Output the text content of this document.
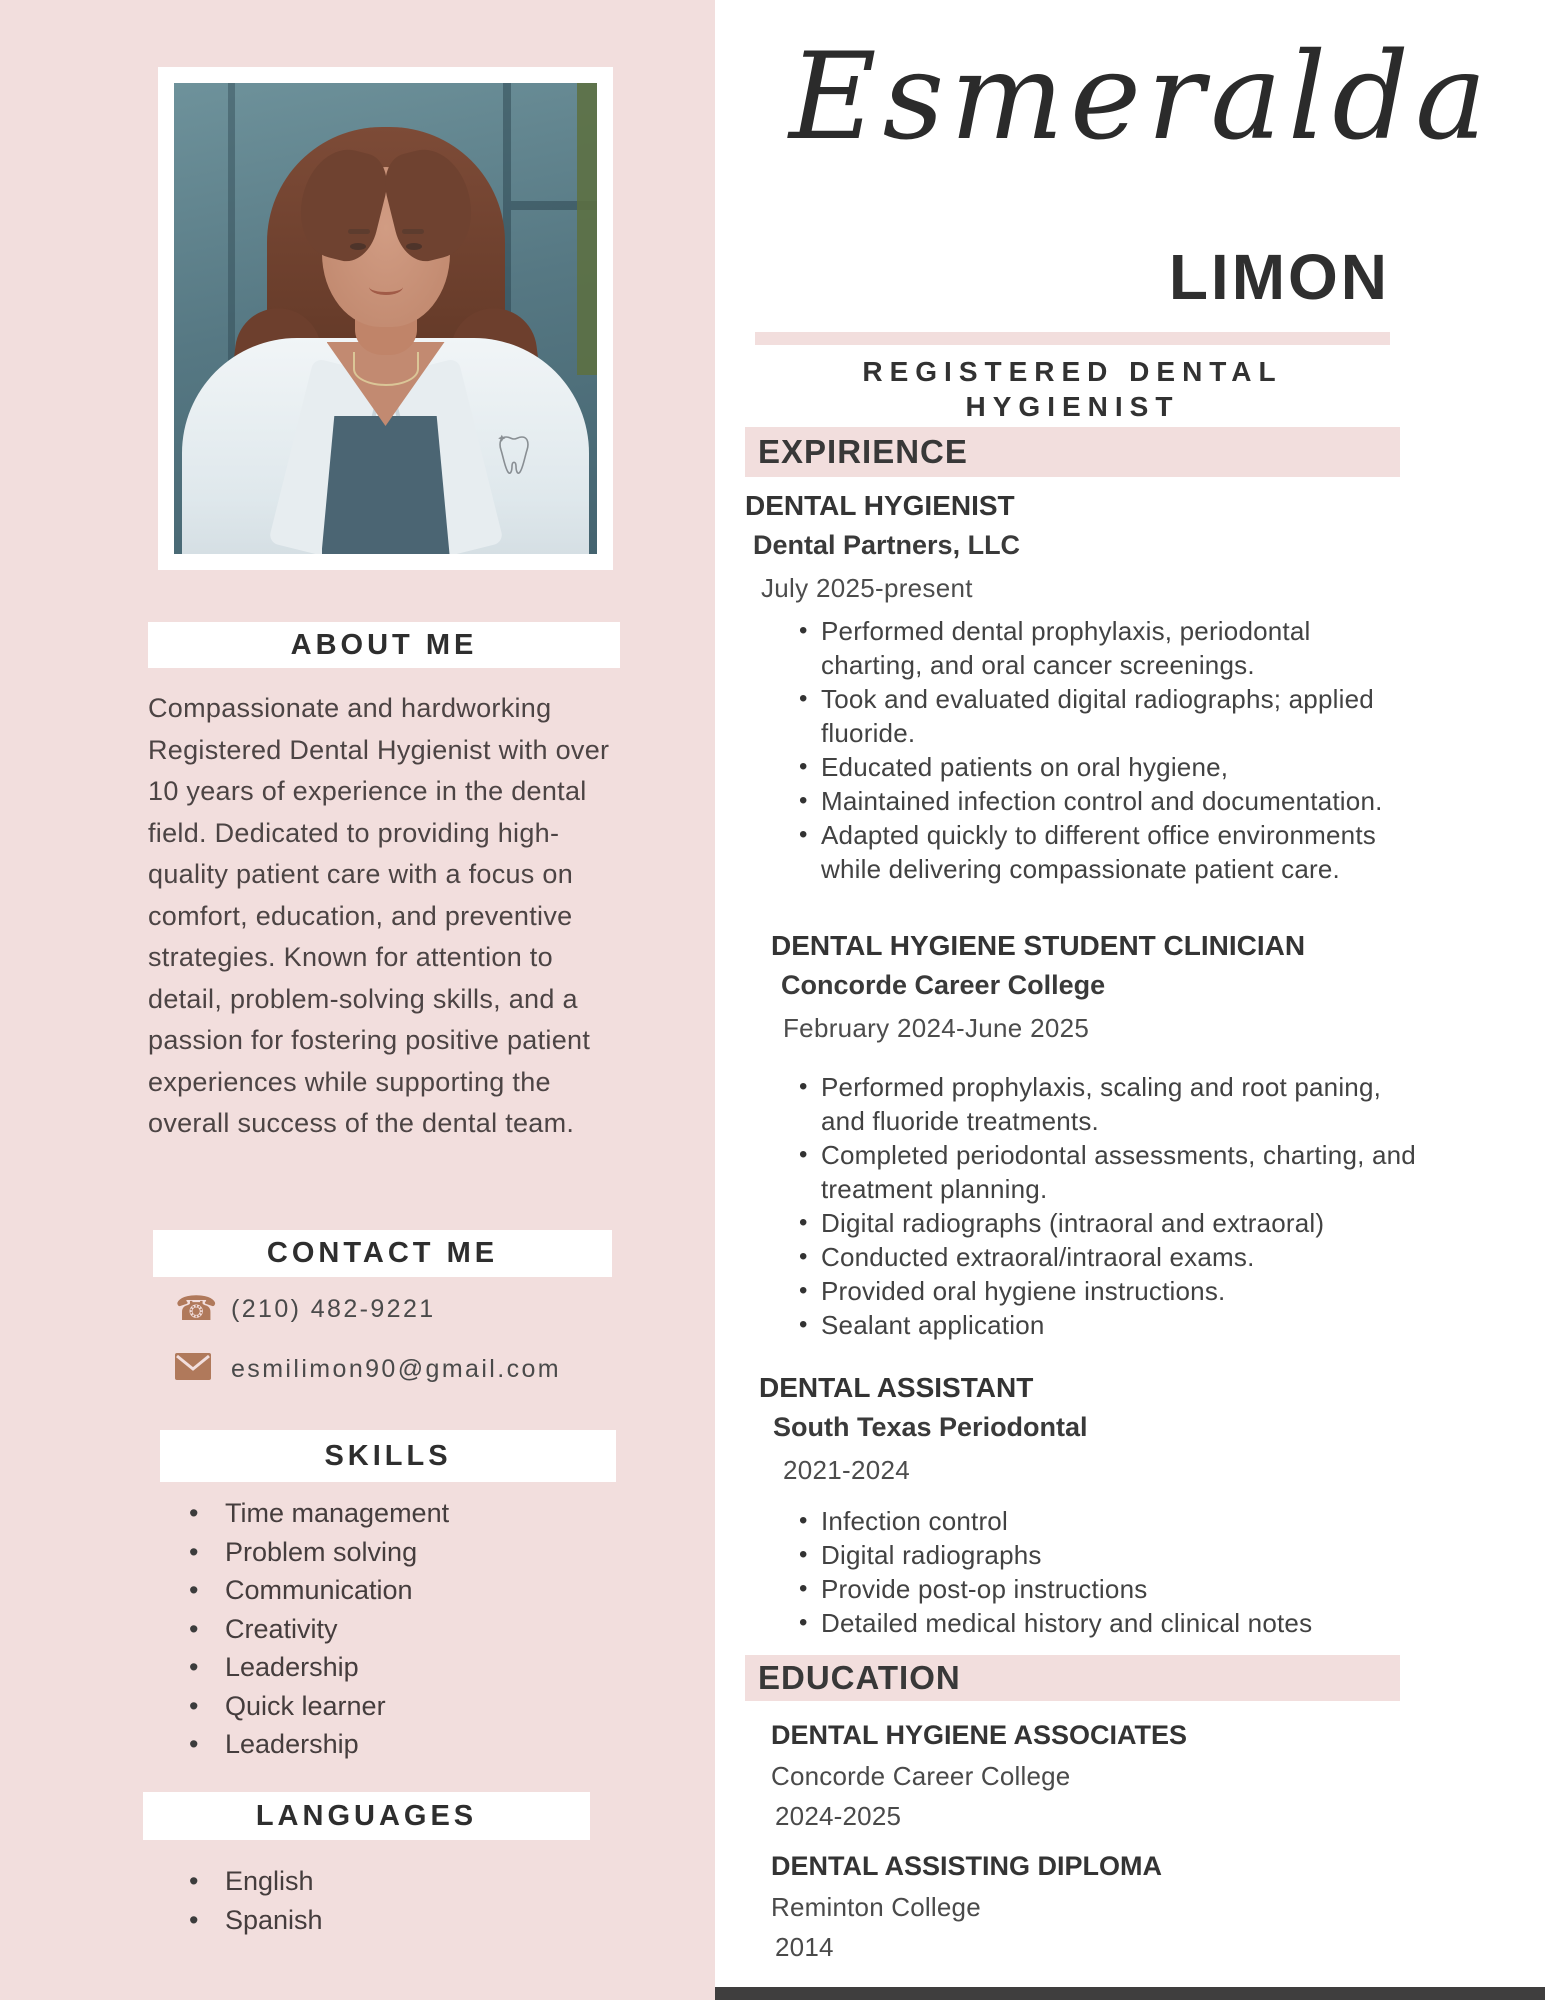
ABOUT ME

Compassionate and hardworking Registered Dental Hygienist with over 10 years of experience in the dental field. Dedicated to providing high-quality patient care with a focus on comfort, education, and preventive strategies. Known for attention to detail, problem-solving skills, and a passion for fostering positive patient experiences while supporting the overall success of the dental team.

CONTACT ME
☎ (210) 482-9221
esmilimon90@gmail.com
SKILLS
• Time management
• Problem solving
• Communication
• Creativity
• Leadership
• Quick learner
• Leadership
LANGUAGES
• English
• Spanish
Esmeralda
LIMON
REGISTERED DENTAL
HYGIENIST
EXPIRIENCE
DENTAL HYGIENIST
Dental Partners, LLC
July 2025-present
• Performed dental prophylaxis, periodontal charting, and oral cancer screenings.
• Took and evaluated digital radiographs; applied fluoride.
• Educated patients on oral hygiene,
• Maintained infection control and documentation.
• Adapted quickly to different office environments while delivering compassionate patient care.
DENTAL HYGIENE STUDENT CLINICIAN
Concorde Career College
February 2024-June 2025
• Performed prophylaxis, scaling and root paning, and fluoride treatments.
• Completed periodontal assessments, charting, and treatment planning.
• Digital radiographs (intraoral and extraoral)
• Conducted extraoral/intraoral exams.
• Provided oral hygiene instructions.
• Sealant application
DENTAL ASSISTANT
South Texas Periodontal
2021-2024
• Infection control
• Digital radiographs
• Provide post-op instructions
• Detailed medical history and clinical notes
EDUCATION
DENTAL HYGIENE ASSOCIATES
Concorde Career College
2024-2025
DENTAL ASSISTING DIPLOMA
Reminton College
2014
